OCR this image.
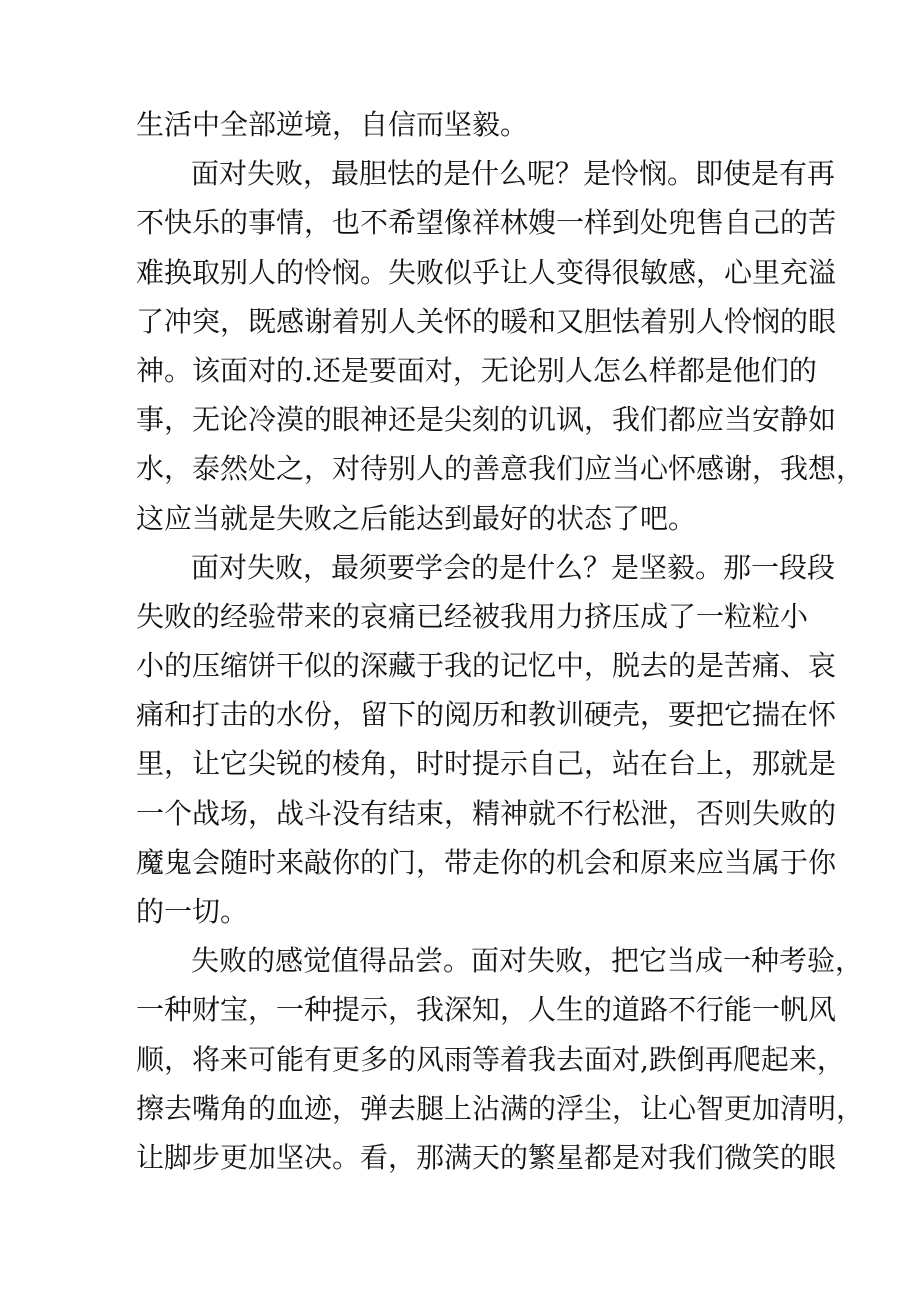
生活中全部逆境，自信而坚毅。
面对失败，最胆怯的是什么呢？是怜悯。即使是有再
不快乐的事情，也不希望像祥林嫂一样到处兜售自己的苦
难换取别人的怜悯。失败似乎让人变得很敏感，心里充溢
了冲突，既感谢着别人关怀的暖和又胆怯着别人怜悯的眼
神。该面对的.还是要面对，无论别人怎么样都是他们的
事，无论冷漠的眼神还是尖刻的讥讽，我们都应当安静如
水，泰然处之，对待别人的善意我们应当心怀感谢，我想，
这应当就是失败之后能达到最好的状态了吧。
面对失败，最须要学会的是什么？是坚毅。那一段段
失败的经验带来的哀痛已经被我用力挤压成了一粒粒小
小的压缩饼干似的深藏于我的记忆中，脱去的是苦痛、哀
痛和打击的水份，留下的阅历和教训硬壳，要把它揣在怀
里，让它尖锐的棱角，时时提示自己，站在台上，那就是
一个战场，战斗没有结束，精神就不行松泄，否则失败的
魔鬼会随时来敲你的门，带走你的机会和原来应当属于你
的一切。
失败的感觉值得品尝。面对失败，把它当成一种考验，
一种财宝，一种提示，我深知，人生的道路不行能一帆风
顺，将来可能有更多的风雨等着我去面对,跌倒再爬起来，
擦去嘴角的血迹，弹去腿上沾满的浮尘，让心智更加清明，
让脚步更加坚决。看，那满天的繁星都是对我们微笑的眼
